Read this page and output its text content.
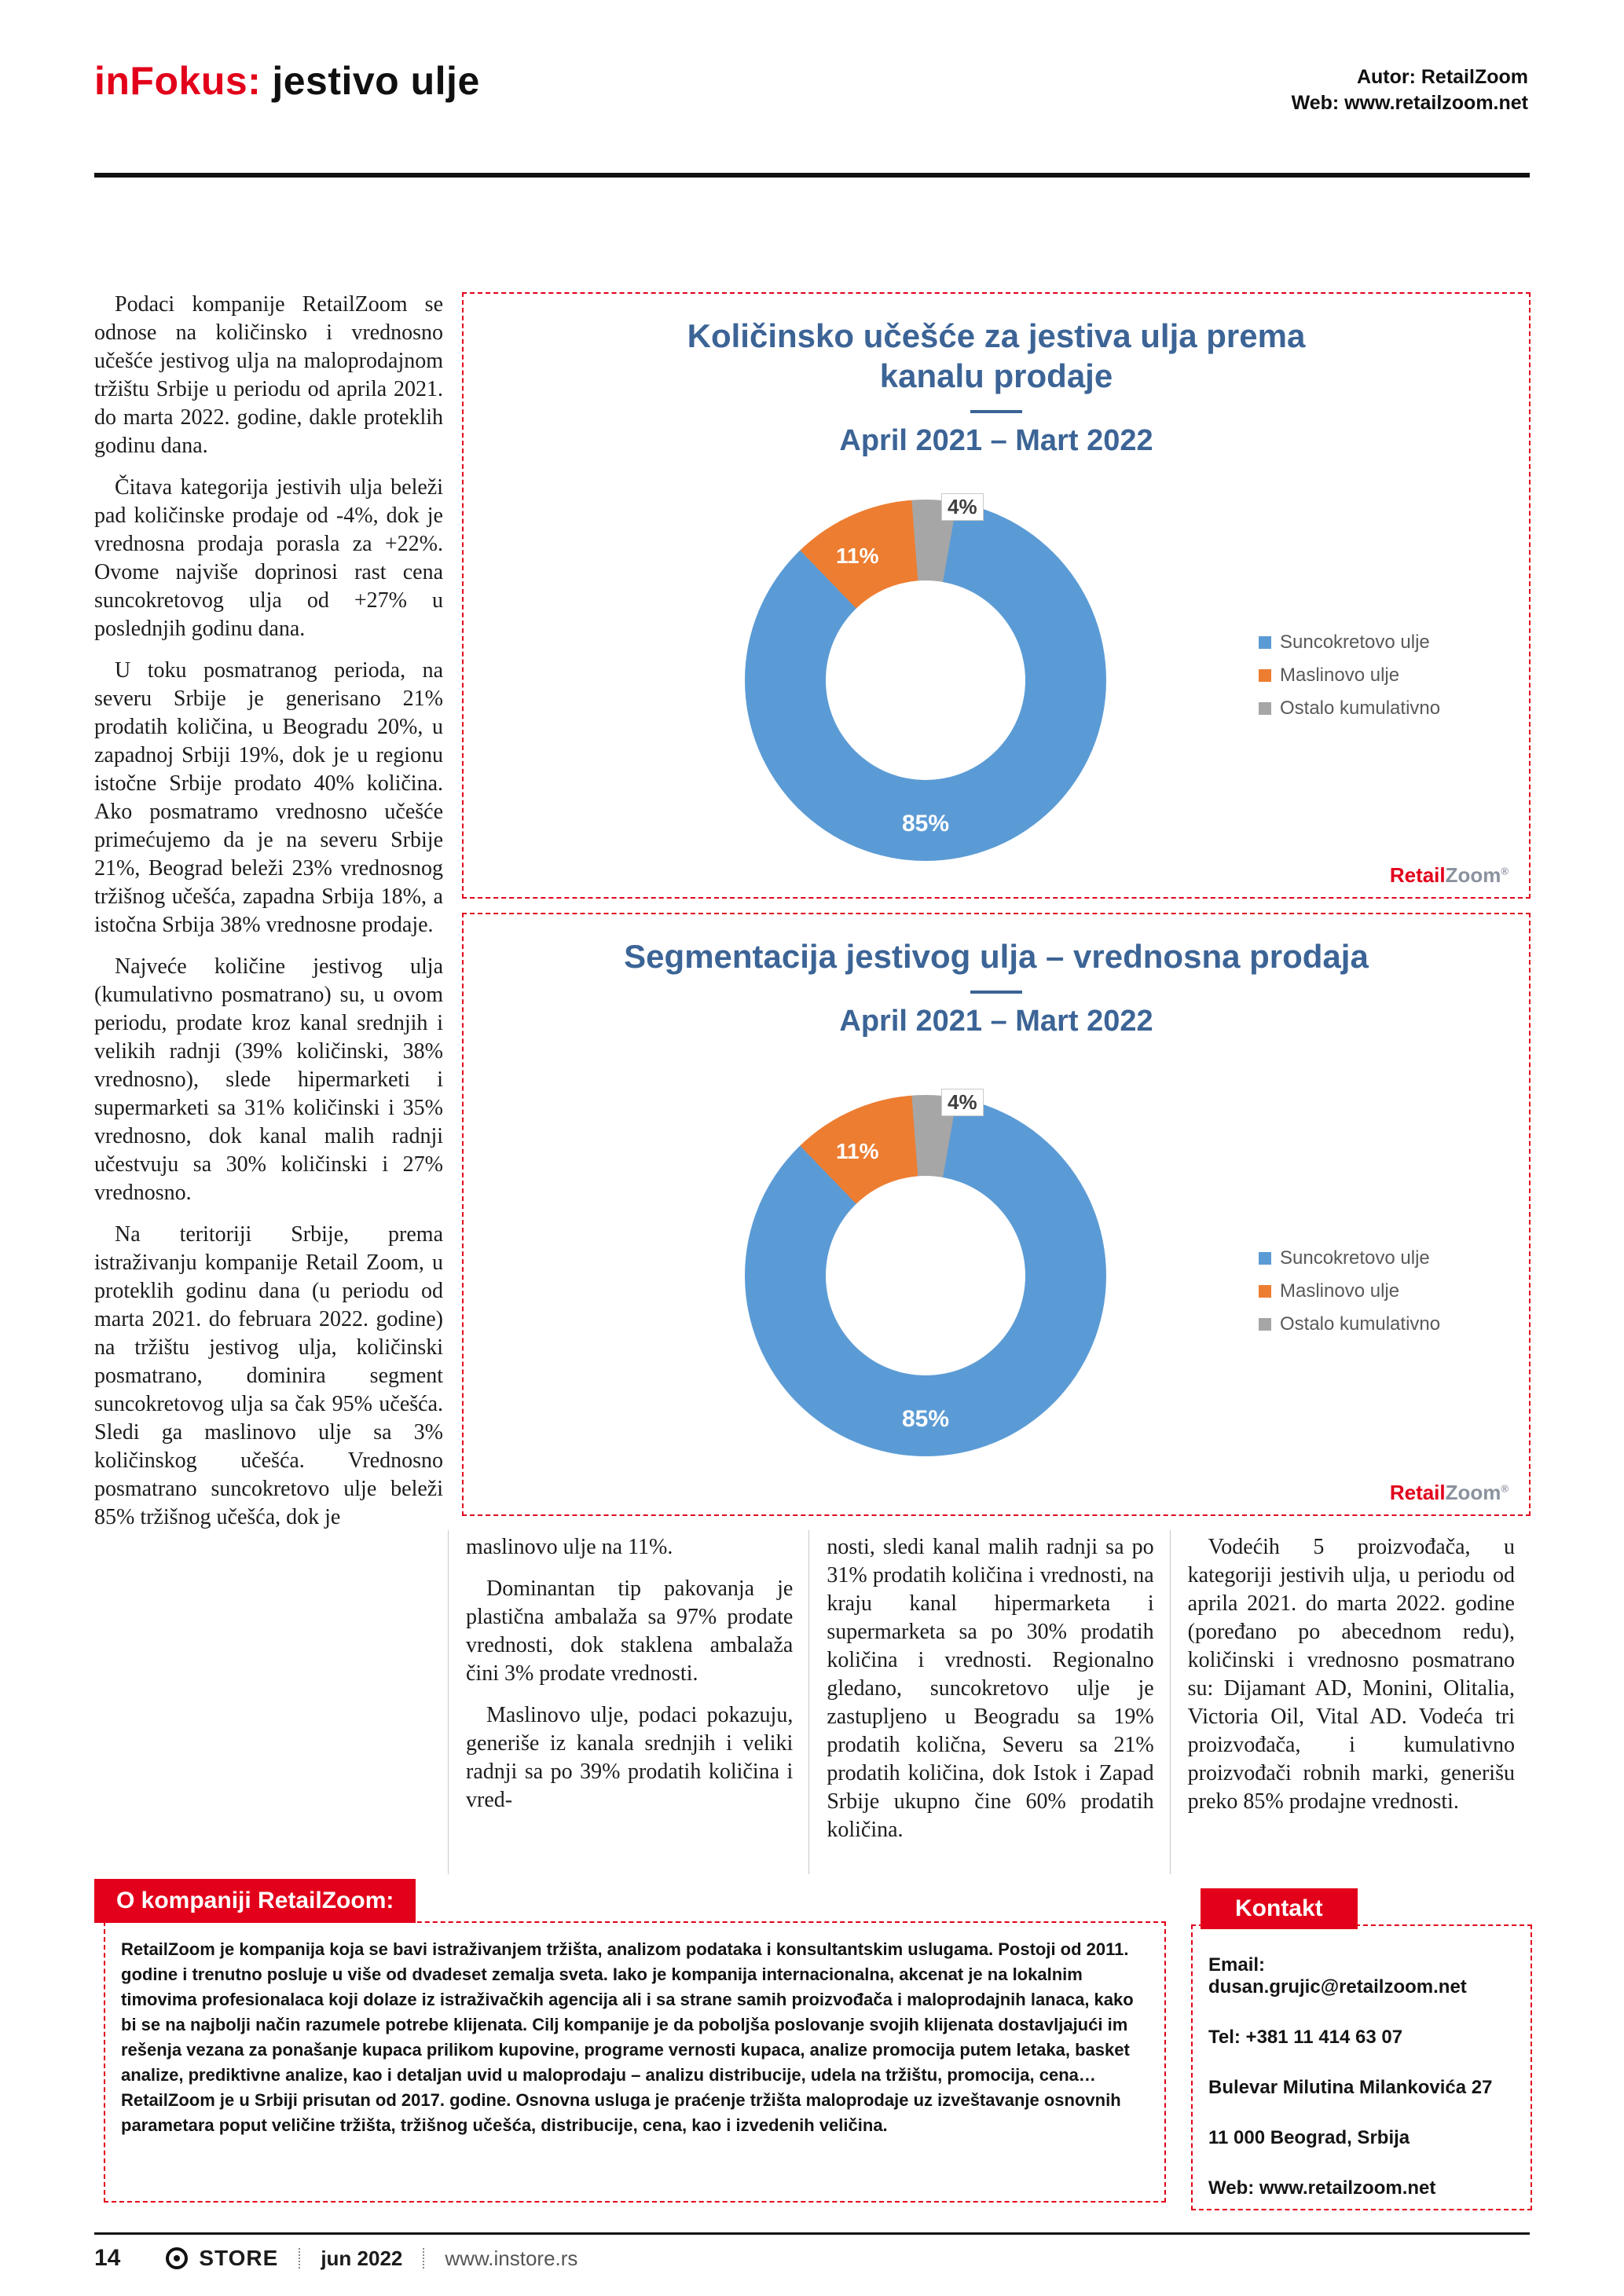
inFokus: jestivo ulje	Autor: RetailZoom
Web: www.retailzoom.net

Podaci kompanije RetailZoom se odnose na količinsko i vrednosno učešće jestivog ulja na maloprodajnom tržištu Srbije u periodu od aprila 2021. do marta 2022. godine, dakle proteklih godinu dana.

Čitava kategorija jestivih ulja beleži pad količinske prodaje od -4%, dok je vrednosna prodaja porasla za +22%. Ovome najviše doprinosi rast cena suncokretovog ulja od +27% u poslednjih godinu dana.

U toku posmatranog perioda, na severu Srbije je generisano 21% prodatih količina, u Beogradu 20%, u zapadnoj Srbiji 19%, dok je u regionu istočne Srbije prodato 40% količina. Ako posmatramo vrednosno učešće primećujemo da je na severu Srbije 21%, Beograd beleži 23% vrednosnog tržišnog učešća, zapadna Srbija 18%, a istočna Srbija 38% vrednosne prodaje.

Najveće količine jestivog ulja (kumulativno posmatrano) su, u ovom periodu, prodate kroz kanal srednjih i velikih radnji (39% količinski, 38% vrednosno), slede hipermarketi i supermarketi sa 31% količinski i 35% vrednosno, dok kanal malih radnji učestvuju sa 30% količinski i 27% vrednosno.

Na teritoriji Srbije, prema istraživanju kompanije Retail Zoom, u proteklih godinu dana (u periodu od marta 2021. do februara 2022. godine) na tržištu jestivog ulja, količinski posmatrano, dominira segment suncokretovog ulja sa čak 95% učešća. Sledi ga maslinovo ulje sa 3% količinskog učešća. Vrednosno posmatrano suncokretovo ulje beleži 85% tržišnog učešća, dok je

Količinsko učešće za jestiva ulja prema kanalu prodaje
April 2021 – Mart 2022
85%
11%
4%
Suncokretovo ulje
Maslinovo ulje
Ostalo kumulativno
RetailZoom®
Segmentacija jestivog ulja – vrednosna prodaja
April 2021 – Mart 2022
85%
11%
4%
Suncokretovo ulje
Maslinovo ulje
Ostalo kumulativno
RetailZoom®

maslinovo ulje na 11%.

Dominantan tip pakovanja je plastična ambalaža sa 97% prodate vrednosti, dok staklena ambalaža čini 3% prodate vrednosti.

Maslinovo ulje, podaci pokazuju, generiše iz kanala srednjih i veliki radnji sa po 39% prodatih količina i vred-

nosti, sledi kanal malih radnji sa po 31% prodatih količina i vrednosti, na kraju kanal hipermarketa i supermarketa sa po 30% prodatih količina i vrednosti. Regionalno gledano, suncokretovo ulje je zastupljeno u Beogradu sa 19% prodatih količna, Severu sa 21% prodatih količina, dok Istok i Zapad Srbije ukupno čine 60% prodatih količina.

Vodećih 5 proizvođača, u kategoriji jestivih ulja, u periodu od aprila 2021. do marta 2022. godine (poređano po abecednom redu), količinski i vrednosno posmatrano su: Dijamant AD, Monini, Olitalia, Victoria Oil, Vital AD. Vodeća tri proizvođača, i kumulativno proizvođači robnih marki, generišu preko 85% prodajne vrednosti.

O kompaniji RetailZoom:

RetailZoom je kompanija koja se bavi istraživanjem tržišta, analizom podataka i konsultantskim uslugama. Postoji od 2011. godine i trenutno posluje u više od dvadeset zemalja sveta. Iako je kompanija internacionalna, akcenat je na lokalnim timovima profesionalaca koji dolaze iz istraživačkih agencija ali i sa strane samih proizvođača i maloprodajnih lanaca, kako bi se na najbolji način razumele potrebe klijenata. Cilj kompanije je da poboljša poslovanje svojih klijenata dostavljajući im rešenja vezana za ponašanje kupaca prilikom kupovine, programe vernosti kupaca, analize promocija putem letaka, basket analize, prediktivne analize, kao i detaljan uvid u maloprodaju – analizu distribucije, udela na tržištu, promocija, cena…

RetailZoom je u Srbiji prisutan od 2017. godine. Osnovna usluga je praćenje tržišta maloprodaje uz izveštavanje osnovnih parametara poput veličine tržišta, tržišnog učešća, distribucije, cena, kao i izvedenih veličina.

Kontakt
Email: dusan.grujic@retailzoom.net
Tel: +381 11 414 63 07
Bulevar Milutina Milankovića 27
11 000 Beograd, Srbija
Web: www.retailzoom.net
14	STORE jun 2022 www.instore.rs
